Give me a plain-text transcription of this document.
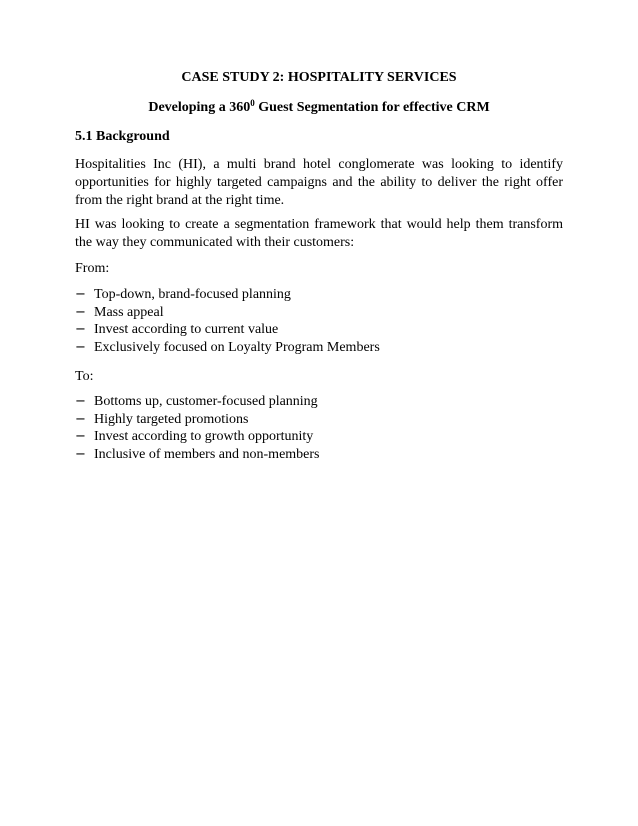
CASE STUDY 2: HOSPITALITY SERVICES
Developing a $360^0$ Guest Segmentation for effective CRM
5.1 Background
Hospitalities Inc (HI), a multi brand hotel conglomerate was looking to identify opportunities for highly targeted campaigns and the ability to deliver the right offer from the right brand at the right time.
HI was looking to create a segmentation framework that would help them transform the way they communicated with their customers:
From:
− Top-down, brand-focused planning
− Mass appeal
− Invest according to current value
− Exclusively focused on Loyalty Program Members
To:
− Bottoms up, customer-focused planning
− Highly targeted promotions
− Invest according to growth opportunity
− Inclusive of members and non-members
